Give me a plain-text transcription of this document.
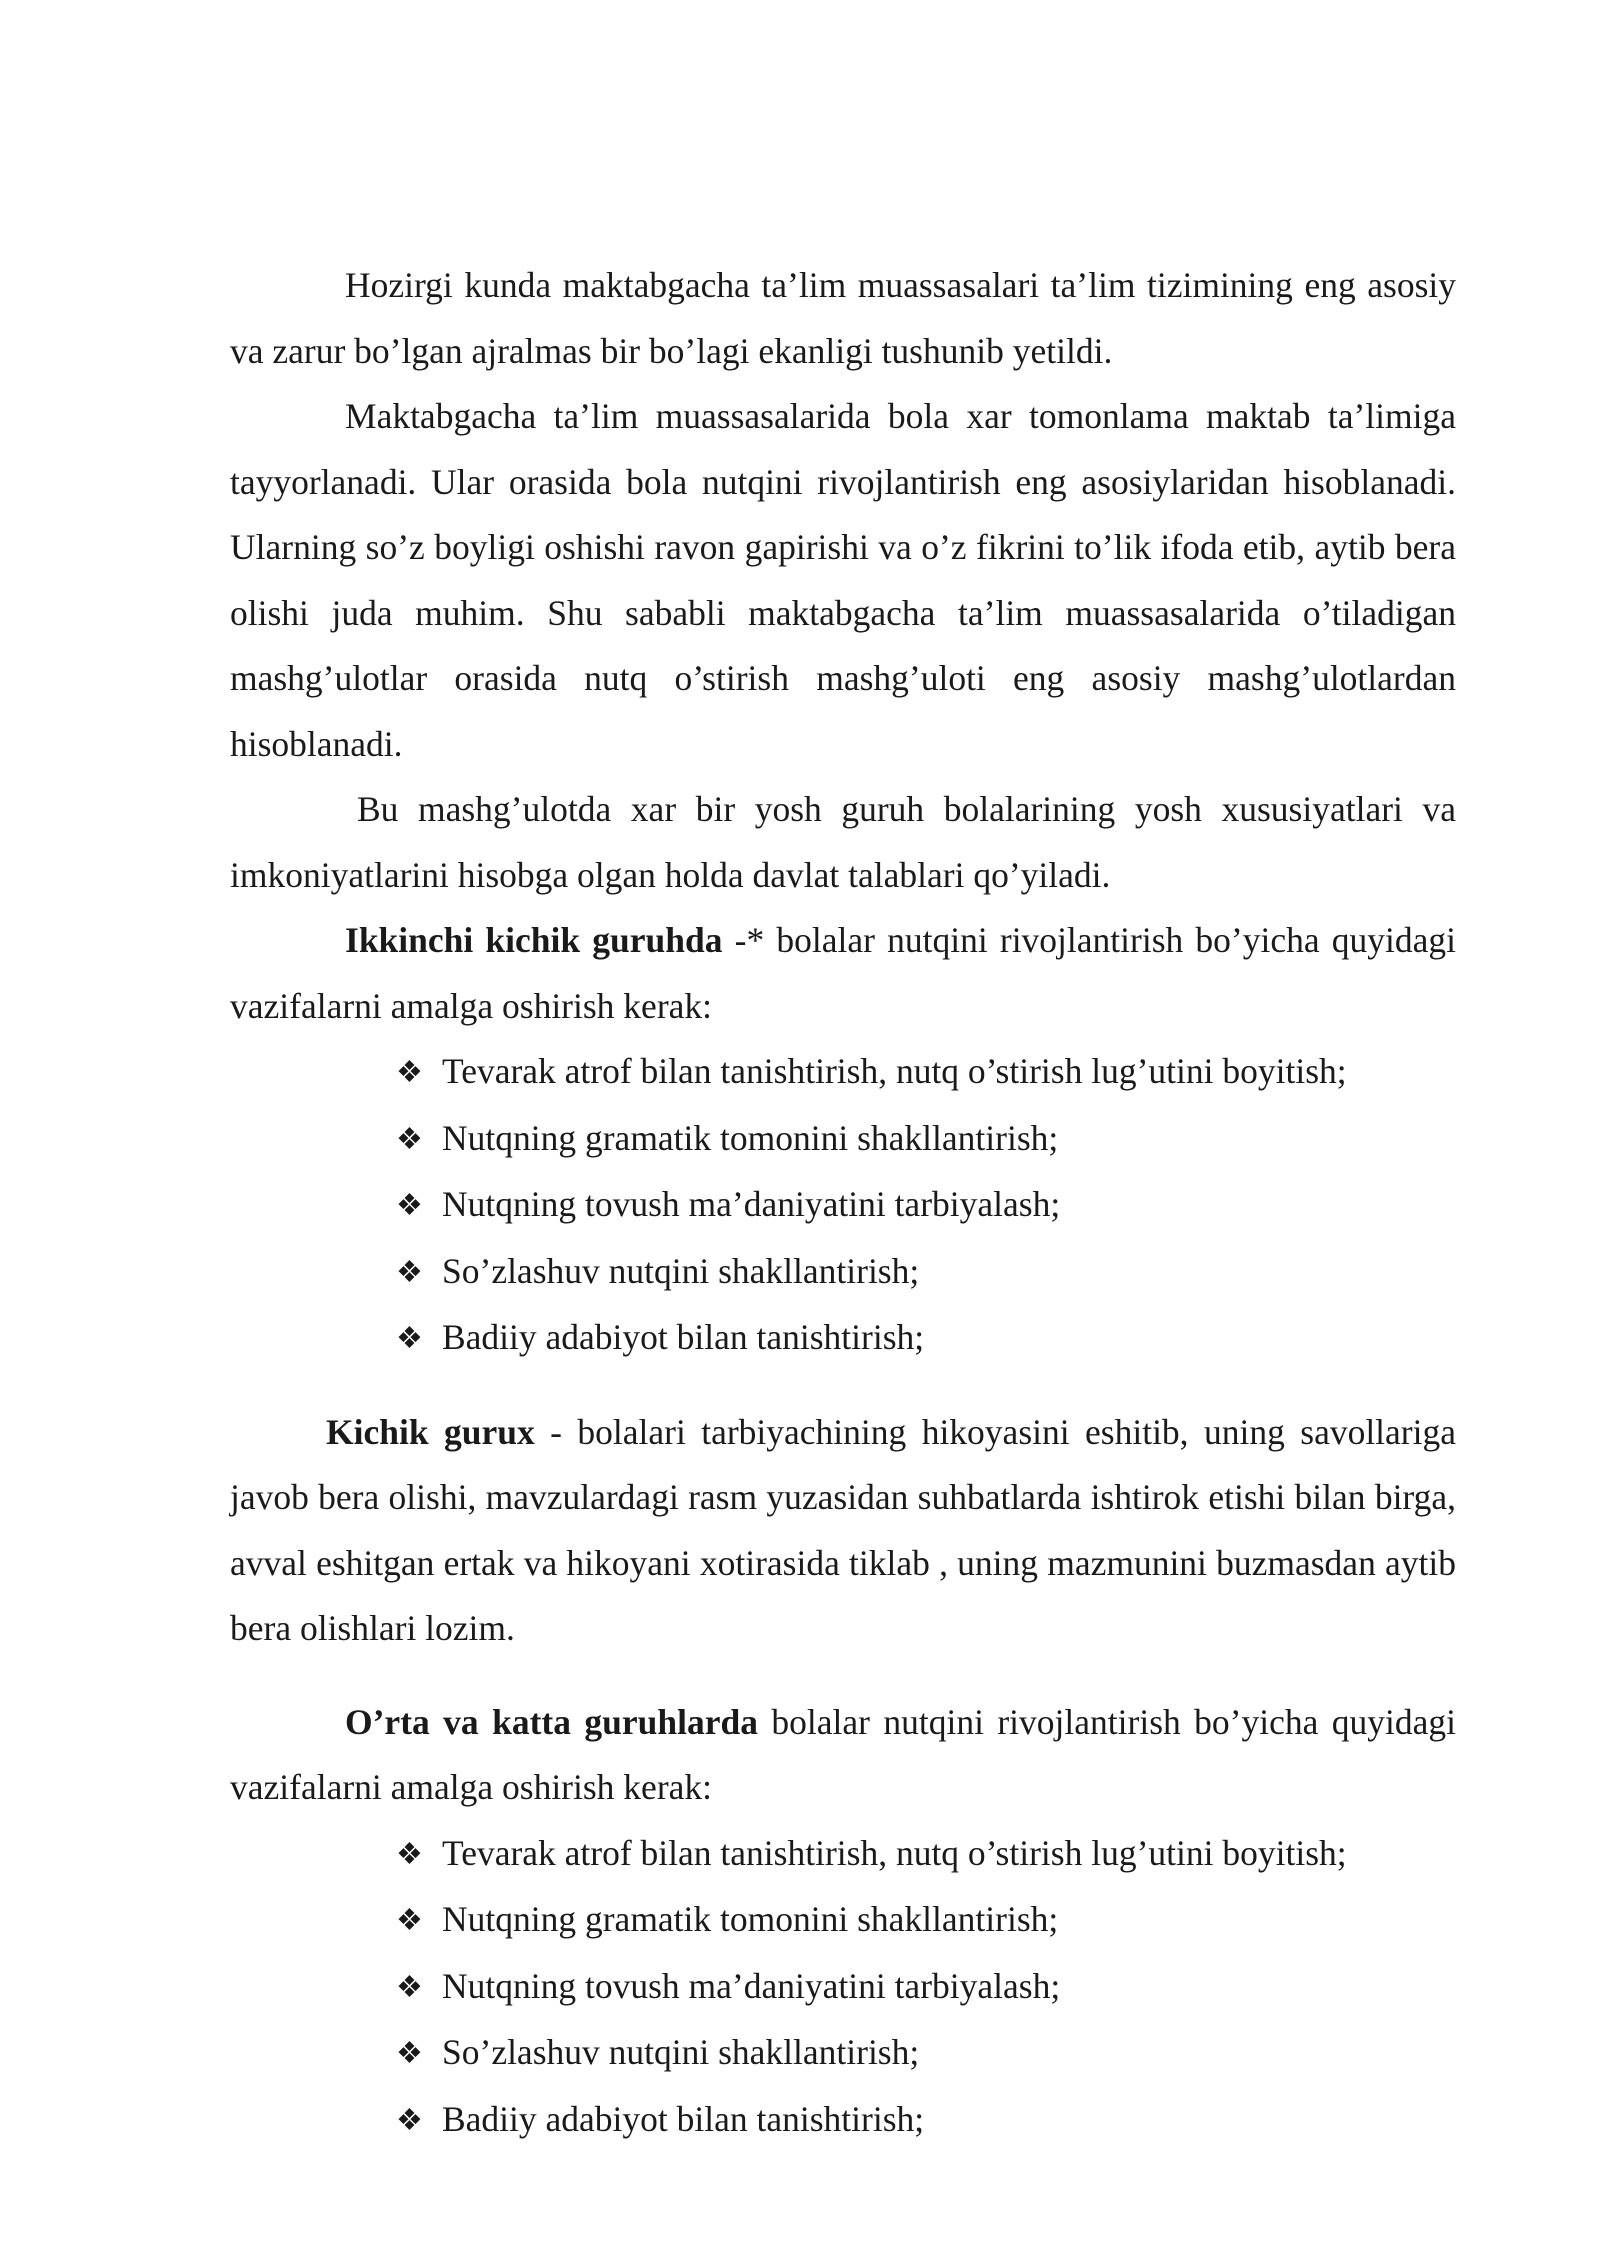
Hozirgi kunda maktabgacha ta’lim muassasalari ta’lim tizimining eng asosiy va zarur bo’lgan ajralmas bir bo’lagi ekanligi tushunib yetildi.

Maktabgacha ta’lim muassasalarida bola xar tomonlama maktab ta’limiga tayyorlanadi. Ular orasida bola nutqini rivojlantirish eng asosiylaridan hisoblanadi. Ularning so’z boyligi oshishi ravon gapirishi va o’z fikrini to’lik ifoda etib, aytib bera olishi juda muhim. Shu sababli maktabgacha ta’lim muassasalarida o’tiladigan mashg’ulotlar orasida nutq o’stirish mashg’uloti eng asosiy mashg’ulotlardan hisoblanadi.

Bu mashg’ulotda xar bir yosh guruh bolalarining yosh xususiyatlari va imkoniyatlarini hisobga olgan holda davlat talablari qo’yiladi.

Ikkinchi kichik guruhda -* bolalar nutqini rivojlantirish bo’yicha quyidagi vazifalarni amalga oshirish kerak:

❖ Tevarak atrof bilan tanishtirish, nutq o’stirish lug’utini boyitish;
❖ Nutqning gramatik tomonini shakllantirish;
❖ Nutqning tovush ma’daniyatini tarbiyalash;
❖ So’zlashuv nutqini shakllantirish;
❖ Badiiy adabiyot bilan tanishtirish;

Kichik gurux - bolalari tarbiyachining hikoyasini eshitib, uning savollariga javob bera olishi, mavzulardagi rasm yuzasidan suhbatlarda ishtirok etishi bilan birga, avval eshitgan ertak va hikoyani xotirasida tiklab , uning mazmunini buzmasdan aytib bera olishlari lozim.

O’rta va katta guruhlarda bolalar nutqini rivojlantirish bo’yicha quyidagi vazifalarni amalga oshirish kerak:

❖ Tevarak atrof bilan tanishtirish, nutq o’stirish lug’utini boyitish;
❖ Nutqning gramatik tomonini shakllantirish;
❖ Nutqning tovush ma’daniyatini tarbiyalash;
❖ So’zlashuv nutqini shakllantirish;
❖ Badiiy adabiyot bilan tanishtirish;
